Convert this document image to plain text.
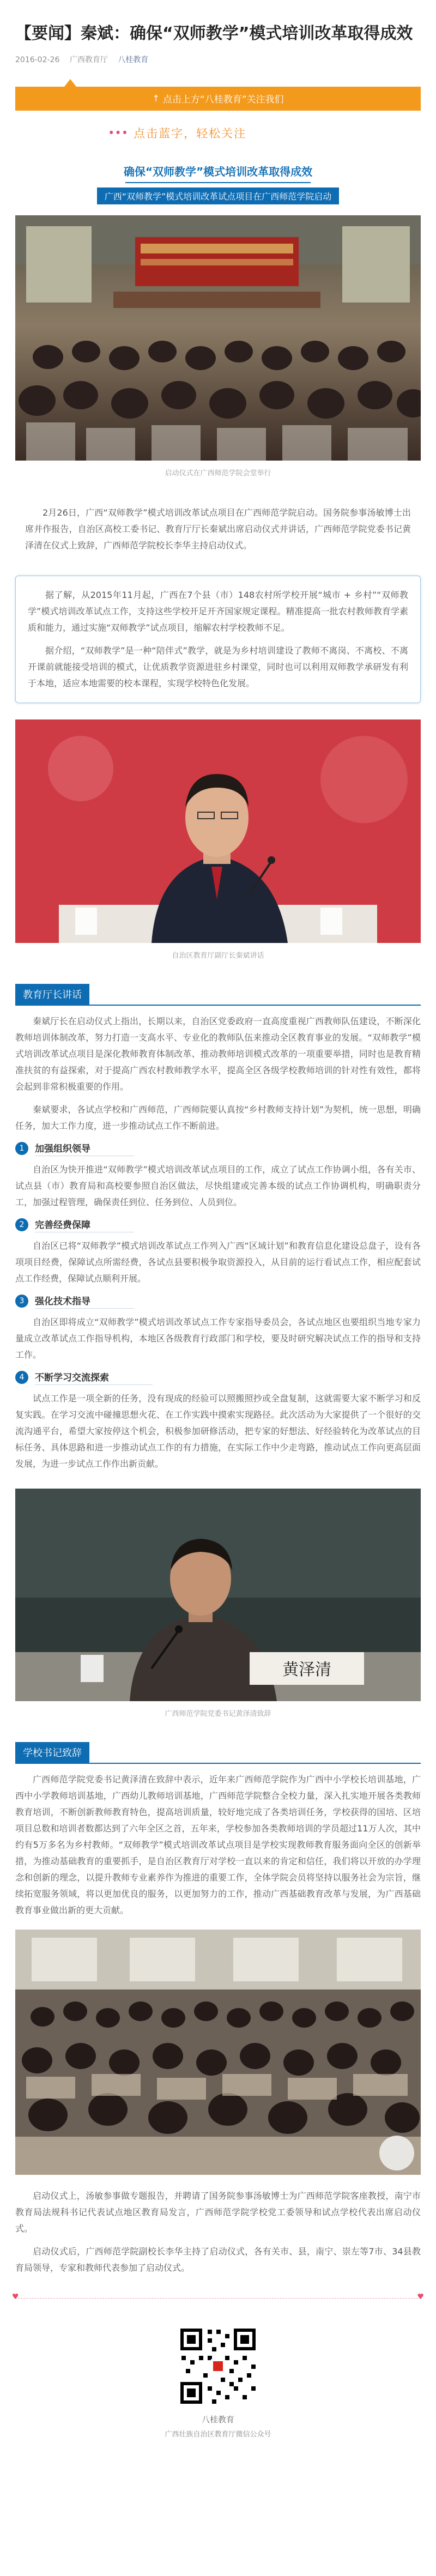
【要闻】秦斌：确保“双师教学”模式培训改革取得成效
2016-02-26 广西教育厅 八桂教育
↑ 点击上方“八桂教育”关注我们
••• 点击蓝字，轻松关注
确保“双师教学”模式培训改革取得成效
广西“双师教学”模式培训改革试点项目在广西师范学院启动
启动仪式在广西师范学院会堂举行

2月26日，广西“双师教学”模式培训改革试点项目在广西师范学院启动。国务院参事汤敏博士出席并作报告，自治区高校工委书记、教育厅厅长秦斌出席启动仪式并讲话，广西师范学院党委书记黄泽清在仪式上致辞，广西师范学院校长李华主持启动仪式。

据了解，从2015年11月起，广西在7个县（市）148农村所学校开展“城市 + 乡村”“双师教学”模式培训改革试点工作，支持这些学校开足开齐国家规定课程。精准提高一批农村教师教育学素质和能力，通过实施“双师教学”试点项目，缩解农村学校教师不足。

据介绍，“双师教学”是一种“陪伴式”教学，就是为乡村培训建设了教师不离岗、不离校、不离开课前就能接受培训的模式，让优质教学资源进驻乡村课堂，同时也可以利用双师教学承研发有利于本地，适应本地需要的校本课程，实现学校特色化发展。

自治区教育厅副厅长秦斌讲话
教育厅长讲话

秦斌厅长在启动仪式上指出，长期以来，自治区党委政府一直高度重视广西教师队伍建设，不断深化教师培训体制改革，努力打造一支高水平、专业化的教师队伍来推动全区教育事业的发展。“双师教学”模式培训改革试点项目是深化教师教育体制改革、推动教师培训模式改革的一项重要举措，同时也是教育精准扶贫的有益探索，对于提高广西农村教师教学水平，提高全区各级学校教师培训的针对性有效性，都将会起到非常积极重要的作用。

秦斌要求，各试点学校和广西师范，广西师院要认真按“乡村教师支持计划”为契机，统一思想，明确任务，加大工作力度，进一步推动试点工作不断前进。

1	加强组织领导

自治区为快开推进“双师教学”模式培训改革试点项目的工作，成立了试点工作协调小组，各有关市、试点县（市）教育局和高校要参照自治区做法，尽快组建或完善本级的试点工作协调机构，明确职责分工，加强过程管理，确保责任到位、任务到位、人员到位。

2	完善经费保障

自治区已将“双师教学”模式培训改革试点工作列入广西“区域计划”和教育信息化建设总盘子，设有各项项目经费，保障试点所需经费，各试点县要积极争取资源投入，从目前的运行看试点工作，相应配套试点工作经费，保障试点顺利开展。

3	强化技术指导

自治区即将成立“双师教学”模式培训改革试点工作专家指导委员会，各试点地区也要组织当地专家力量成立改革试点工作指导机构，本地区各级教育行政部门和学校，要及时研究解决试点工作的指导和支持工作。

4	不断学习交流探索

试点工作是一项全新的任务，没有现成的经验可以照搬照抄或全盘复制，这就需要大家不断学习和反复实践。在学习交流中碰撞思想火花、在工作实践中摸索实现路径。此次活动为大家提供了一个很好的交流沟通平台，希望大家按停这个机会，积极参加研修活动，把专家的好想法、好经验转化为改革试点的目标任务、具体思路和进一步推动试点工作的有力措施，在实际工作中少走弯路，推动试点工作向更高层面发展，为进一步试点工作作出新贡献。

黄泽清
广西师范学院党委书记黄泽清致辞
学校书记致辞

广西师范学院党委书记黄泽清在致辞中表示，近年来广西师范学院作为广西中小学校长培训基地，广西中小学教师培训基地，广西幼儿教师培训基地，广西师范学院整合全校力量，深入扎实地开展各类教师教育培训，不断创新教师教育特色，提高培训质量，较好地完成了各类培训任务，学校获得的国培、区培项目总数和培训者数都达到了六年全区之首，五年来，学校参加各类教师培训的学员超过11万人次，其中约有5万多名为乡村教师。“双师教学”模式培训改革试点项目是学校实现教师教育服务面向全区的创新举措，为推动基础教育的重要抓手，是自治区教育厅对学校一直以来的肯定和信任，我们将以开放的办学理念和创新的理念，以提升教师专业素养作为推进的重要工作，全体学院会员将坚持以服务社会为宗旨，继续拓宽服务领域，将以更加优良的服务，以更加努力的工作，推动广西基础教育改革与发展，为广西基础教育事业做出新的更大贡献。

启动仪式上，汤敏参事做专题报告，并聘请了国务院参事汤敏博士为广西师范学院客座教授，南宁市教育局法规科书记代表试点地区教育局发言，广西师范学院学校党工委领导和试点学校代表出席启动仪式。

启动仪式后，广西师范学院副校长李华主持了启动仪式，各有关市、县，南宁、崇左等7市、34县教育局领导，专家和教师代表参加了启动仪式。

♥	♥
八桂教育
广西壮族自治区教育厅微信公众号
